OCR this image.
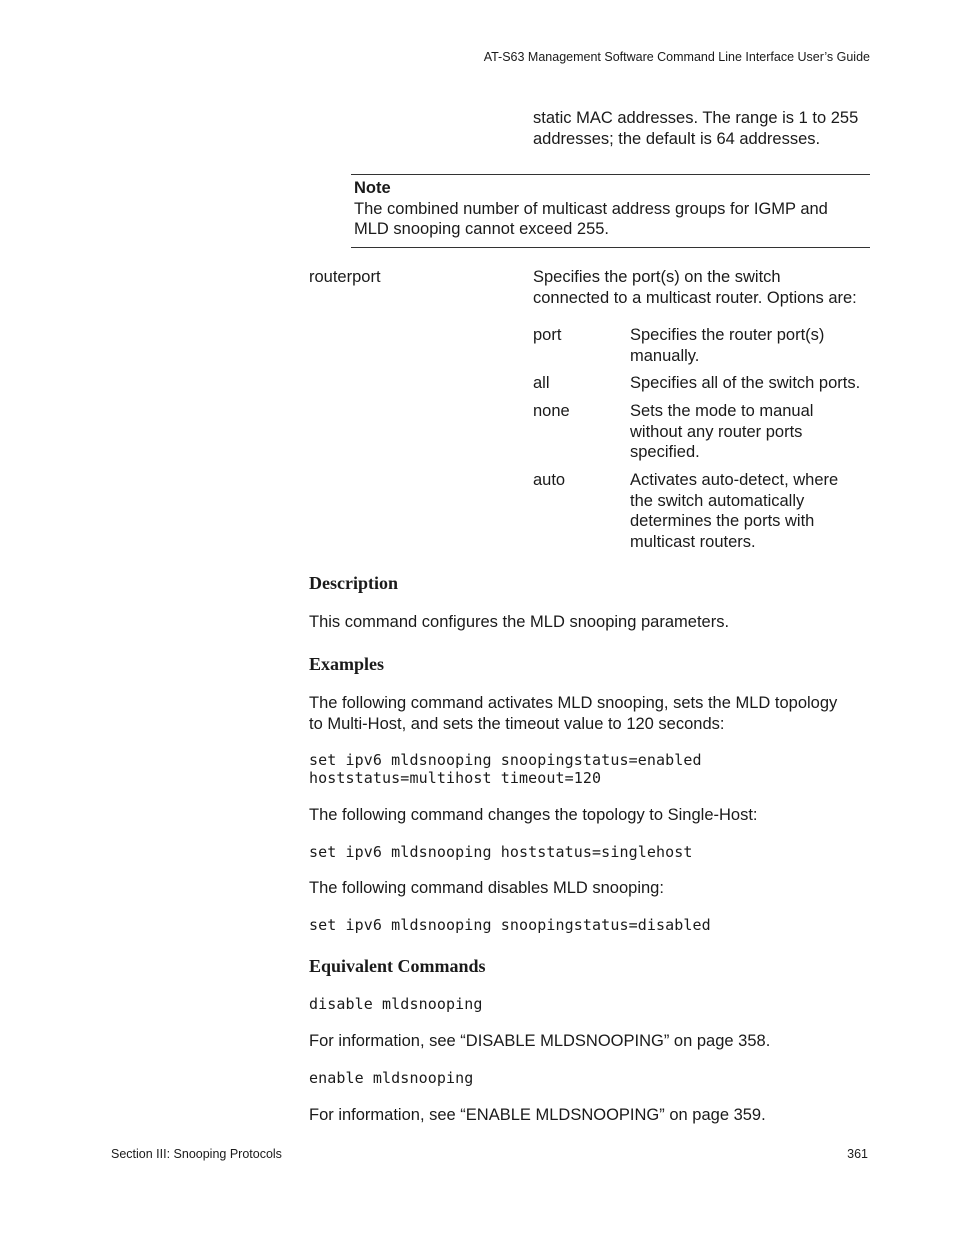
AT-S63 Management Software Command Line Interface User’s Guide
static MAC addresses. The range is 1 to 255
addresses; the default is 64 addresses.
Note
The combined number of multicast address groups for IGMP and
MLD snooping cannot exceed 255.
routerport	Specifies the port(s) on the switch
connected to a multicast router. Options are:
port	Specifies the router port(s)
manually.
all	Specifies all of the switch ports.
none	Sets the mode to manual
without any router ports
specified.
auto	Activates auto-detect, where
the switch automatically
determines the ports with
multicast routers.
Description
This command configures the MLD snooping parameters.
Examples
The following command activates MLD snooping, sets the MLD topology
to Multi-Host, and sets the timeout value to 120 seconds:
set ipv6 mldsnooping snoopingstatus=enabled
hoststatus=multihost timeout=120
The following command changes the topology to Single-Host:
set ipv6 mldsnooping hoststatus=singlehost
The following command disables MLD snooping:
set ipv6 mldsnooping snoopingstatus=disabled
Equivalent Commands
disable mldsnooping
For information, see “DISABLE MLDSNOOPING” on page 358.
enable mldsnooping
For information, see “ENABLE MLDSNOOPING” on page 359.
Section III: Snooping Protocols	361
